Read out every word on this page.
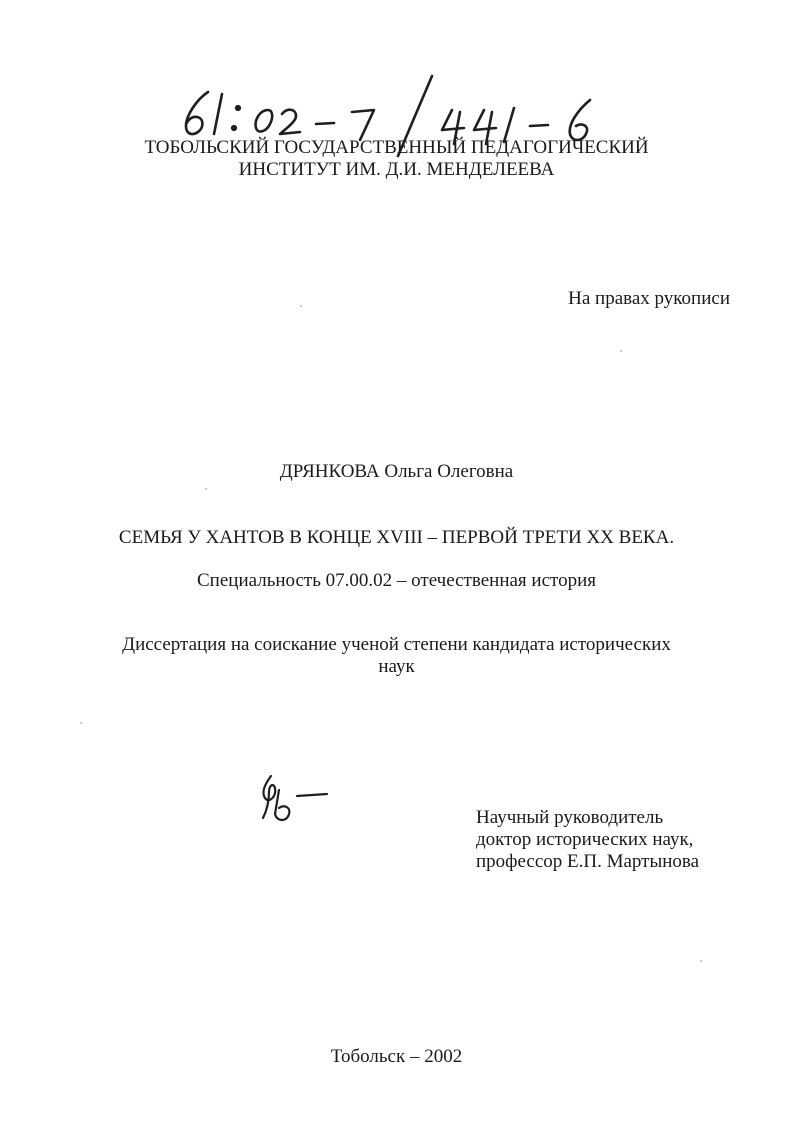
ТОБОЛЬСКИЙ ГОСУДАРСТВЕННЫЙ ПЕДАГОГИЧЕСКИЙ
ИНСТИТУТ ИМ. Д.И. МЕНДЕЛЕЕВА
На правах рукописи
ДРЯНКОВА Ольга Олеговна
СЕМЬЯ У ХАНТОВ В КОНЦЕ XVIII – ПЕРВОЙ ТРЕТИ XX ВЕКА.
Специальность 07.00.02 – отечественная история
Диссертация на соискание ученой степени кандидата исторических
наук
Научный руководитель
доктор исторических наук,
профессор Е.П. Мартынова
Тобольск – 2002
